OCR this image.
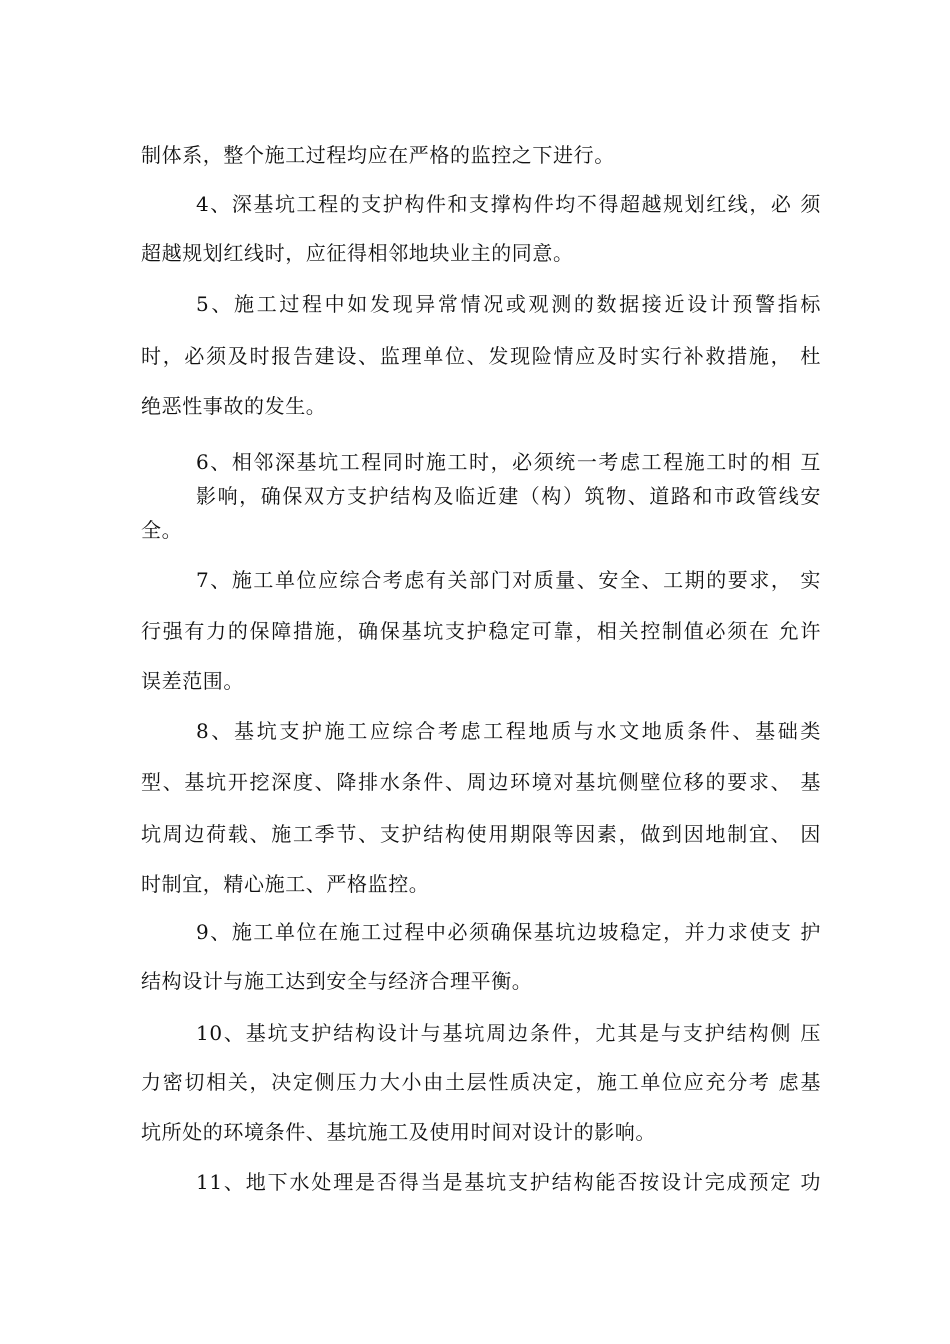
制体系，整个施工过程均应在严格的监控之下进行。
4、深基坑工程的支护构件和支撑构件均不得超越规划红线，必 须
超越规划红线时，应征得相邻地块业主的同意。
5、施工过程中如发现异常情况或观测的数据接近设计预警指标
时，必须及时报告建设、监理单位、发现险情应及时实行补救措施， 杜
绝恶性事故的发生。
6、相邻深基坑工程同时施工时，必须统一考虑工程施工时的相 互
影响，确保双方支护结构及临近建（构）筑物、道路和市政管线安
全。
7、施工单位应综合考虑有关部门对质量、安全、工期的要求， 实
行强有力的保障措施，确保基坑支护稳定可靠，相关控制值必须在 允许
误差范围。
8、基坑支护施工应综合考虑工程地质与水文地质条件、基础类
型、基坑开挖深度、降排水条件、周边环境对基坑侧壁位移的要求、 基
坑周边荷载、施工季节、支护结构使用期限等因素，做到因地制宜、 因
时制宜，精心施工、严格监控。
9、施工单位在施工过程中必须确保基坑边坡稳定，并力求使支 护
结构设计与施工达到安全与经济合理平衡。
10、基坑支护结构设计与基坑周边条件，尤其是与支护结构侧 压
力密切相关，决定侧压力大小由土层性质决定，施工单位应充分考 虑基
坑所处的环境条件、基坑施工及使用时间对设计的影响。
11、地下水处理是否得当是基坑支护结构能否按设计完成预定 功
